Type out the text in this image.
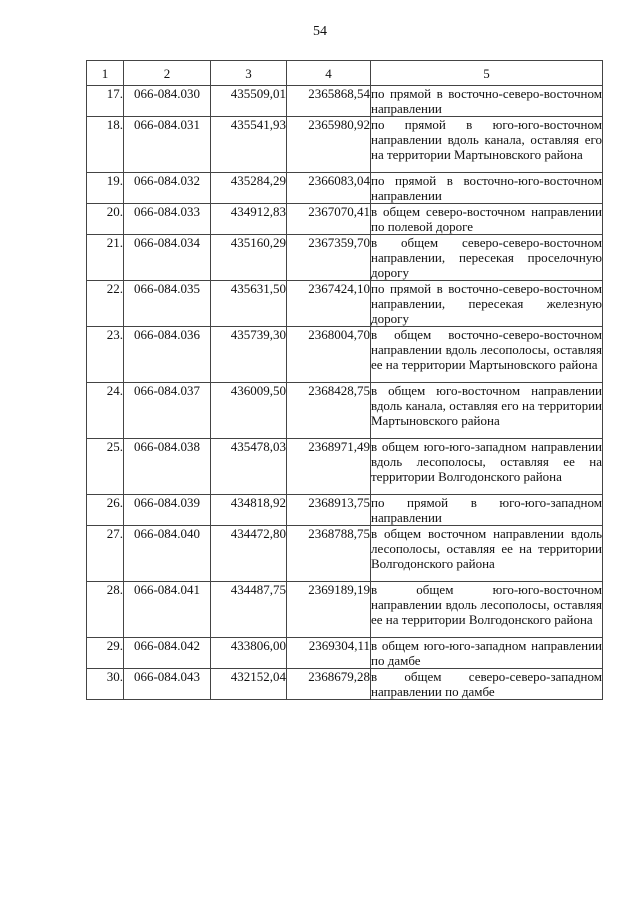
54
1	2	3	4	5
17.	066-084.030	435509,01	2365868,54	по прямой в восточно-северо-восточном направлении
18.	066-084.031	435541,93	2365980,92	по прямой в юго-юго-восточном направлении вдоль канала, оставляя его на территории Мартыновского района
19.	066-084.032	435284,29	2366083,04	по прямой в восточно-юго-восточном направлении
20.	066-084.033	434912,83	2367070,41	в общем северо-восточном направлении по полевой дороге
21.	066-084.034	435160,29	2367359,70	в общем северо-северо-восточном направлении, пересекая проселочную дорогу
22.	066-084.035	435631,50	2367424,10	по прямой в восточно-северо-восточном направлении, пересекая железную дорогу
23.	066-084.036	435739,30	2368004,70	в общем восточно-северо-восточном направлении вдоль лесополосы, оставляя ее на территории Мартыновского района
24.	066-084.037	436009,50	2368428,75	в общем юго-восточном направлении вдоль канала, оставляя его на территории Мартыновского района
25.	066-084.038	435478,03	2368971,49	в общем юго-юго-западном направлении вдоль лесополосы, оставляя ее на территории Волгодонского района
26.	066-084.039	434818,92	2368913,75	по прямой в юго-юго-западном направлении
27.	066-084.040	434472,80	2368788,75	в общем восточном направлении вдоль лесополосы, оставляя ее на территории Волгодонского района
28.	066-084.041	434487,75	2369189,19	в общем юго-юго-восточном направлении вдоль лесополосы, оставляя ее на территории Волгодонского района
29.	066-084.042	433806,00	2369304,11	в общем юго-юго-западном направлении по дамбе
30.	066-084.043	432152,04	2368679,28	в общем северо-северо-западном направлении по дамбе
